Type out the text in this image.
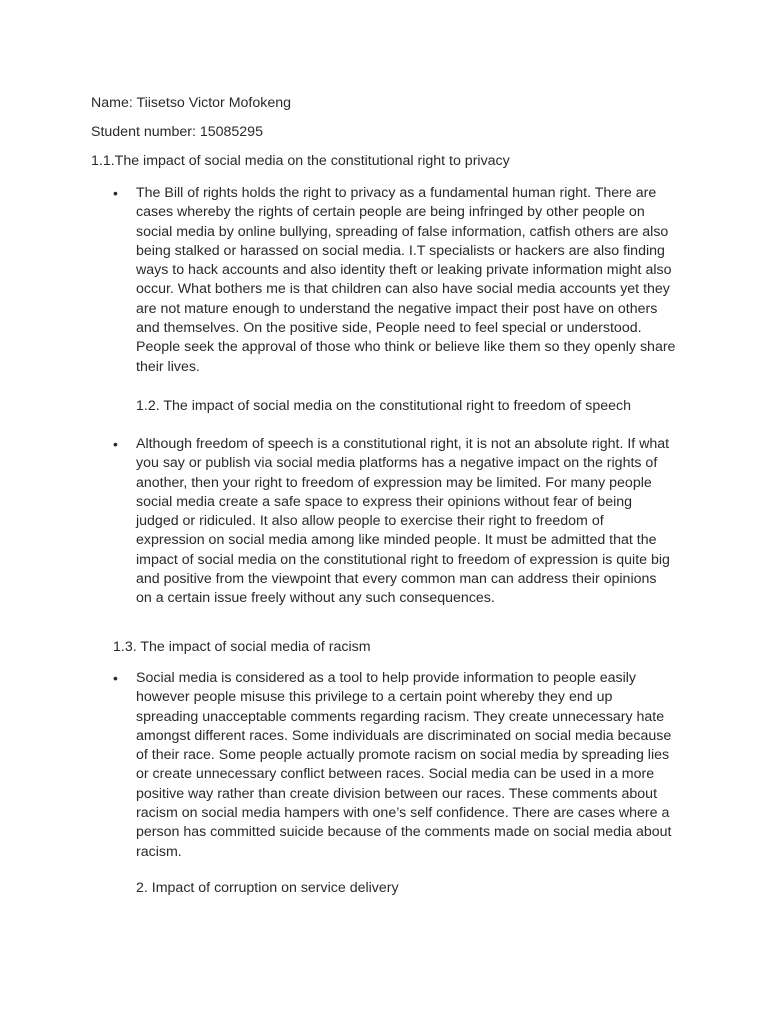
Name: Tiisetso Victor Mofokeng
Student number: 15085295
1.1.The impact of social media on the constitutional right to privacy
• The Bill of rights holds the right to privacy as a fundamental human right. There are cases whereby the rights of certain people are being infringed by other people on social media by online bullying, spreading of false information, catfish others are also being stalked or harassed on social media. I.T specialists or hackers are also finding ways to hack accounts and also identity theft or leaking private information might also occur. What bothers me is that children can also have social media accounts yet they are not mature enough to understand the negative impact their post have on others and themselves. On the positive side, People need to feel special or understood. People seek the approval of those who think or believe like them so they openly share their lives.
1.2. The impact of social media on the constitutional right to freedom of speech
• Although freedom of speech is a constitutional right, it is not an absolute right. If what you say or publish via social media platforms has a negative impact on the rights of another, then your right to freedom of expression may be limited. For many people social media create a safe space to express their opinions without fear of being judged or ridiculed. It also allow people to exercise their right to freedom of expression on social media among like minded people. It must be admitted that the impact of social media on the constitutional right to freedom of expression is quite big and positive from the viewpoint that every common man can address their opinions on a certain issue freely without any such consequences.
1.3. The impact of social media of racism
• Social media is considered as a tool to help provide information to people easily however people misuse this privilege to a certain point whereby they end up spreading unacceptable comments regarding racism. They create unnecessary hate amongst different races. Some individuals are discriminated on social media because of their race. Some people actually promote racism on social media by spreading lies or create unnecessary conflict between races. Social media can be used in a more positive way rather than create division between our races. These comments about racism on social media hampers with one’s self confidence. There are cases where a person has committed suicide because of the comments made on social media about racism.
2. Impact of corruption on service delivery
